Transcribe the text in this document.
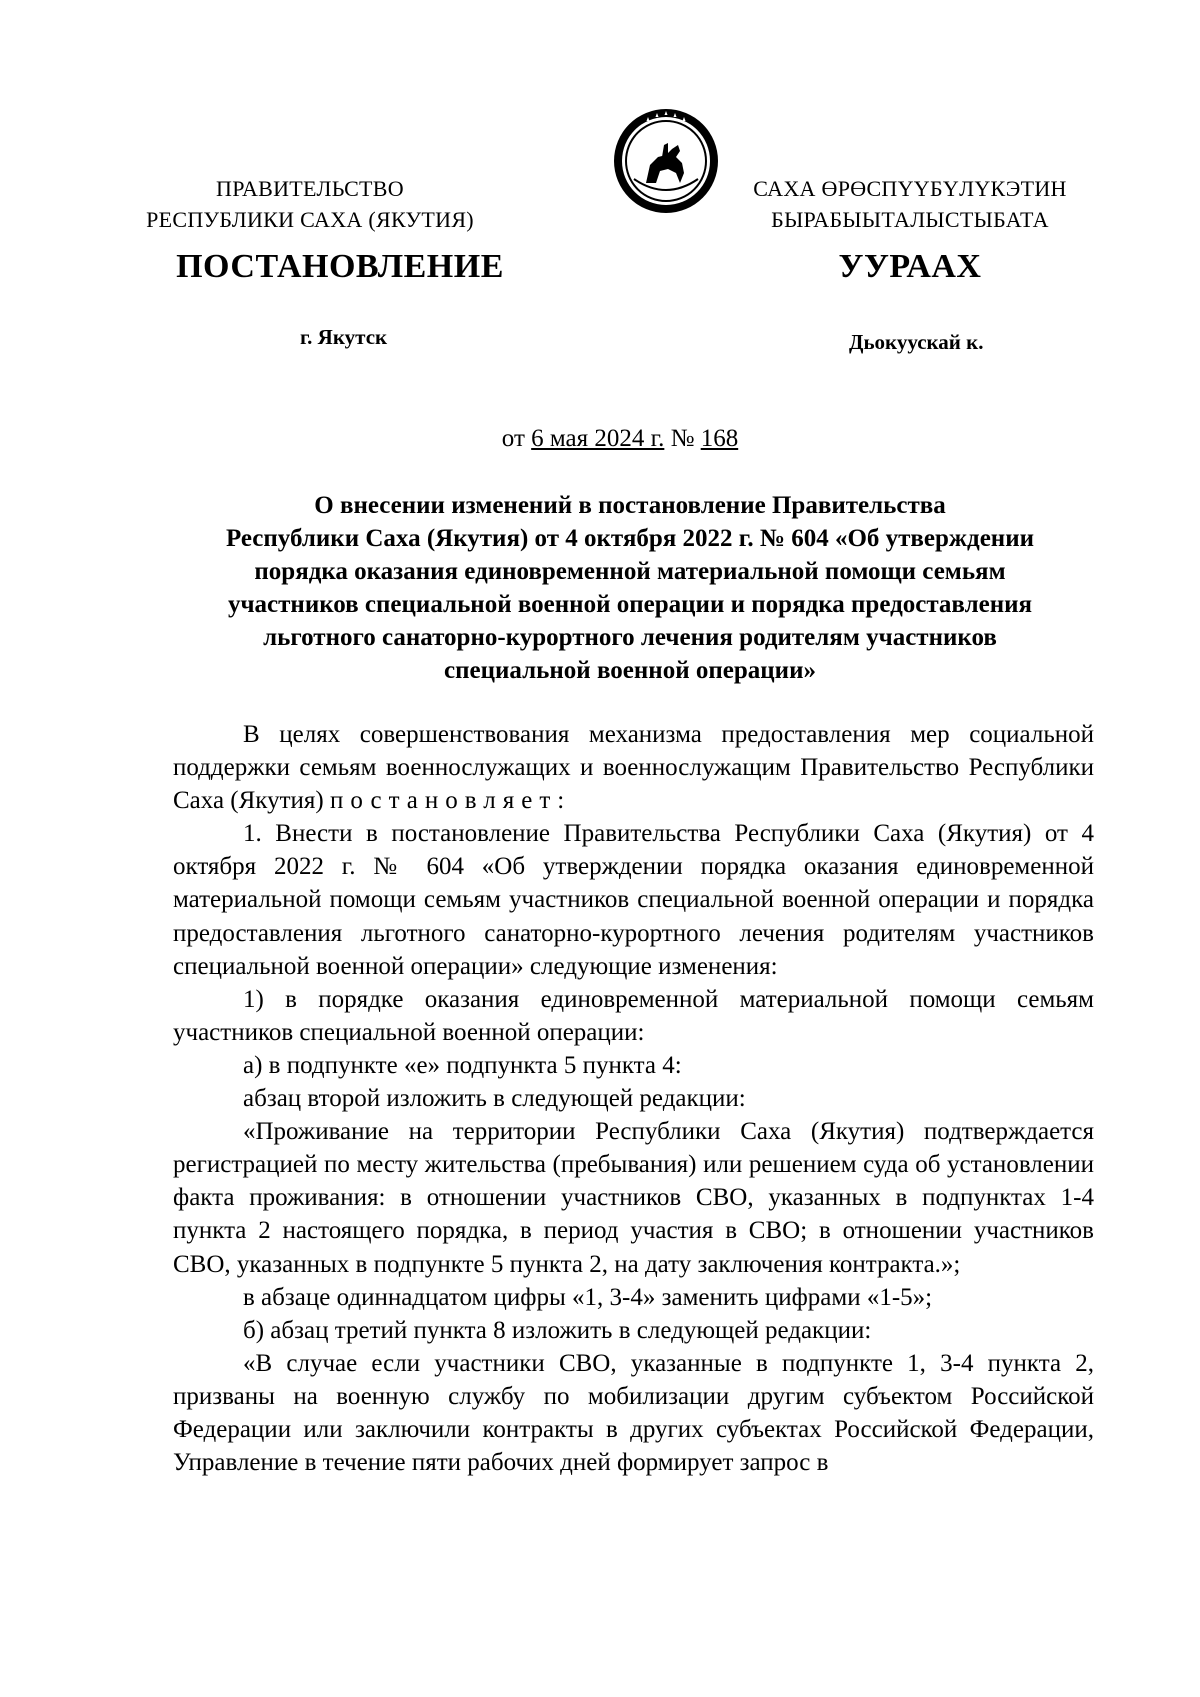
ПРАВИТЕЛЬСТВО
РЕСПУБЛИКИ САХА (ЯКУТИЯ)
САХА ӨРӨСПYYБYЛYКЭТИН
БЫРАБЫЫТАЛЫСТЫБАТА
ПОСТАНОВЛЕНИЕ	УУРААХ
г. Якутск	Дьокуускай к.
от 6 мая 2024 г. № 168
О внесении изменений в постановление Правительства
Республики Саха (Якутия) от 4 октября 2022 г. № 604 «Об утверждении
порядка оказания единовременной материальной помощи семьям
участников специальной военной операции и порядка предоставления
льготного санаторно-курортного лечения родителям участников
специальной военной операции»

В целях совершенствования механизма предоставления мер социальной поддержки семьям военнослужащих и военнослужащим Правительство Республики Саха (Якутия) постановляет:

1. Внести в постановление Правительства Республики Саха (Якутия) от 4 октября 2022 г. № 604 «Об утверждении порядка оказания единовременной материальной помощи семьям участников специальной военной операции и порядка предоставления льготного санаторно-курортного лечения родителям участников специальной военной операции» следующие изменения:

1) в порядке оказания единовременной материальной помощи семьям участников специальной военной операции:

а) в подпункте «е» подпункта 5 пункта 4:

абзац второй изложить в следующей редакции:

«Проживание на территории Республики Саха (Якутия) подтверждается регистрацией по месту жительства (пребывания) или решением суда об установлении факта проживания: в отношении участников СВО, указанных в подпунктах 1-4 пункта 2 настоящего порядка, в период участия в СВО; в отношении участников СВО, указанных в подпункте 5 пункта 2, на дату заключения контракта.»;

в абзаце одиннадцатом цифры «1, 3-4» заменить цифрами «1-5»;

б) абзац третий пункта 8 изложить в следующей редакции:

«В случае если участники СВО, указанные в подпункте 1, 3-4 пункта 2, призваны на военную службу по мобилизации другим субъектом Российской Федерации или заключили контракты в других субъектах Российской Федерации, Управление в течение пяти рабочих дней формирует запрос в
